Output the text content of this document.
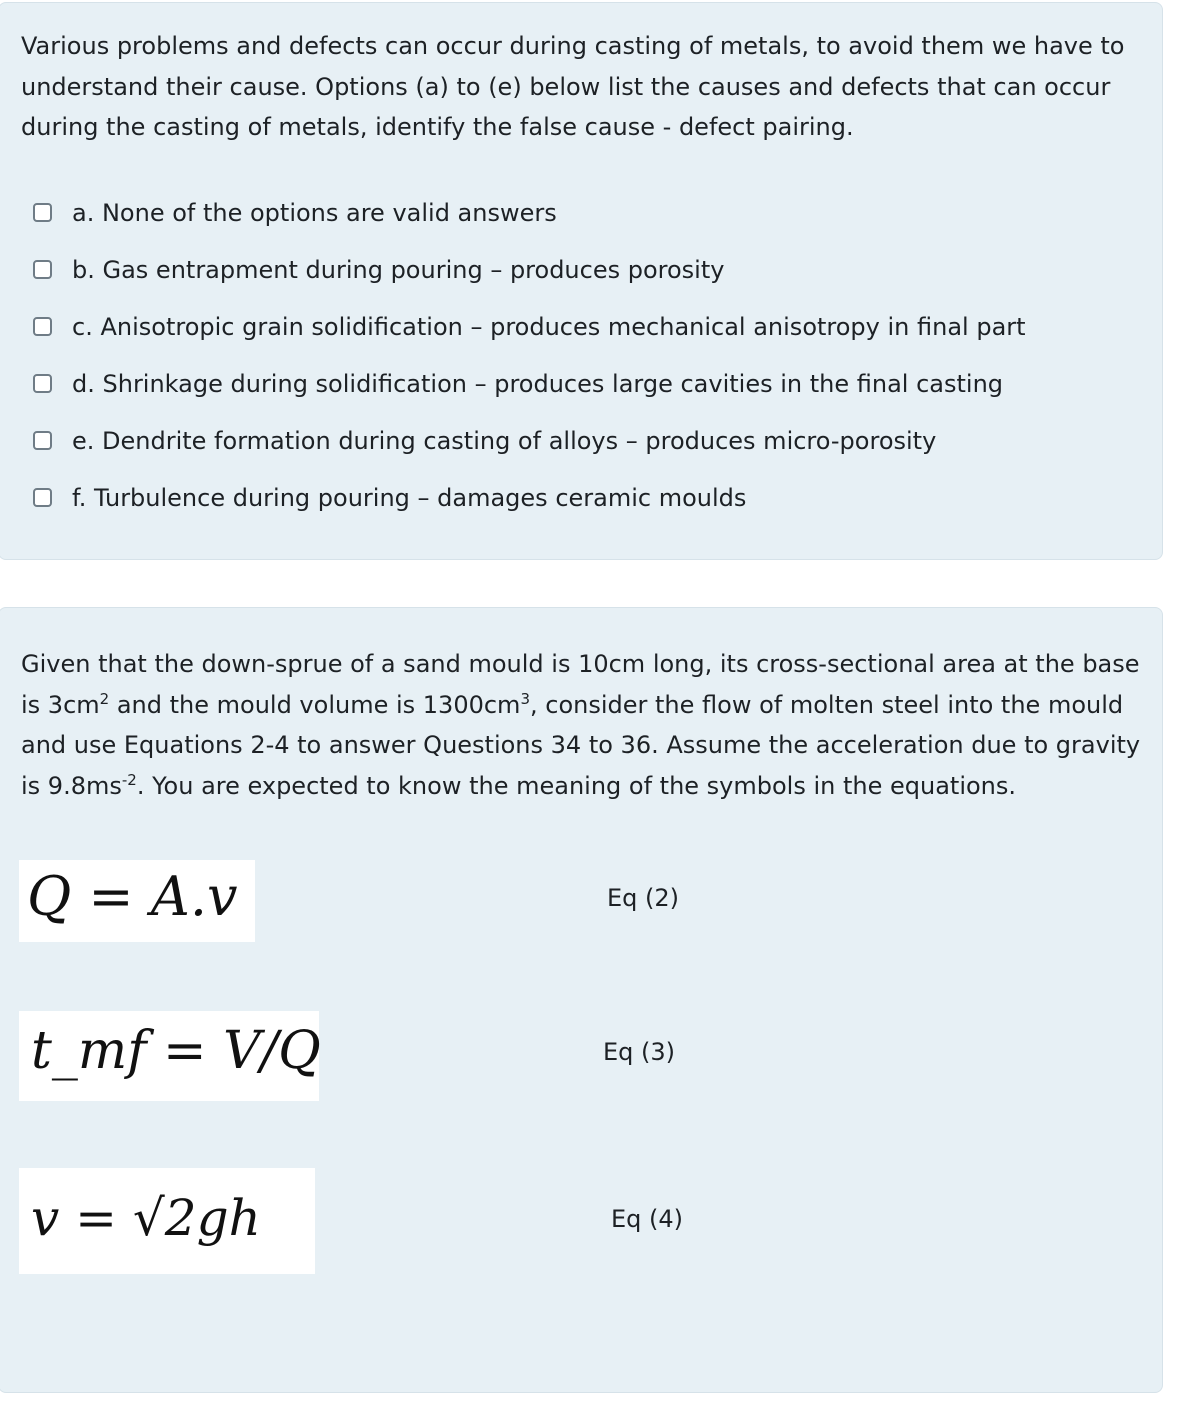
Various problems and defects can occur during casting of metals, to avoid them we have to understand their cause. Options (a) to (e) below list the causes and defects that can occur during the casting of metals, identify the false cause - defect pairing.

a. None of the options are valid answers
b. Gas entrapment during pouring – produces porosity
c. Anisotropic grain solidification – produces mechanical anisotropy in final part
d. Shrinkage during solidification – produces large cavities in the final casting
e. Dendrite formation during casting of alloys – produces micro-porosity
f. Turbulence during pouring – damages ceramic moulds

Given that the down-sprue of a sand mould is 10cm long, its cross-sectional area at the base is $3cm^2$ and the mould volume is $1300cm^3$, consider the flow of molten steel into the mould and use Equations 2-4 to answer Questions 34 to 36. Assume the acceleration due to gravity is $9.8ms^{-2}$. You are expected to know the meaning of the symbols in the equations.

Q = A.v	Eq (2)
t_mf = V/Q	Eq (3)
v = √2gh	Eq (4)
